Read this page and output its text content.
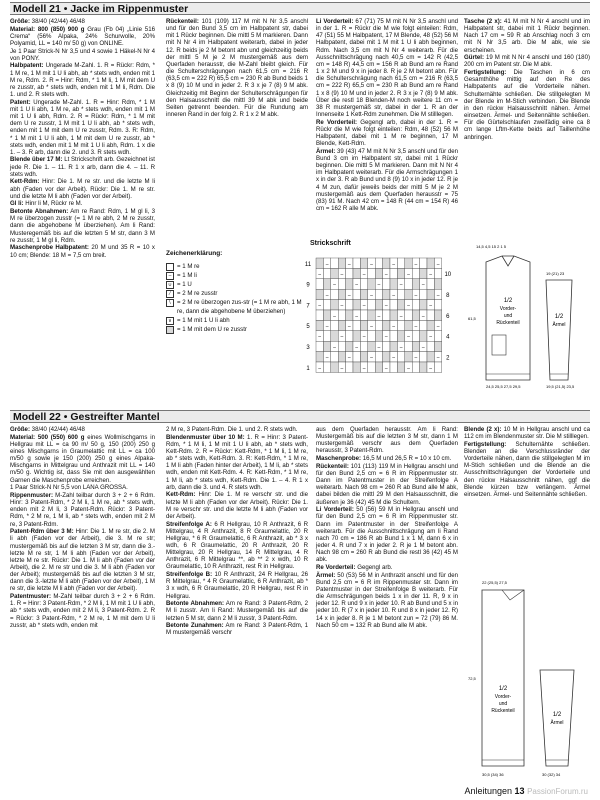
Modell 21 • Jacke im Rippenmuster

Größe: 38/40 (42/44) 46/48

Material: 800 (850) 900 g Grau (Fb 04) „Linie 516 Crema“ (56% Alpaka, 24% Schurwolle, 20% Polyamid, LL = 140 m/ 50 g) von ONLINE.

Je 1 Paar Strick-N Nr 3,5 und 4 sowie 1 Häkel-N Nr 4 von PONY.

Halbpatent: Ungerade M-Zahl. 1. R = Rückr: Rdm, * 1 M re, 1 M mit 1 U li abh, ab * stets wdh, enden mit 1 M re, Rdm. 2. R = Hinr: Rdm, * 1 M li, 1 M mit dem U re zusstr, ab * stets wdh, enden mit 1 M li, Rdm. Die 1. und 2. R stets wdh.

Patent: Ungerade M-Zahl. 1. R = Hinr: Rdm, * 1 M mit 1 U li abh, 1 M re, ab * stets wdh, enden mit 1 M mit 1 U li abh, Rdm. 2. R = Rückr: Rdm, * 1 M mit dem U re zusstr, 1 M mit 1 U li abh, ab * stets wdh, enden mit 1 M mit dem U re zusstr, Rdm. 3. R: Rdm, * 1 M mit 1 U li abh, 1 M mit dem U re zusstr, ab * stets wdh, enden mit 1 M mit 1 U li abh, Rdm. 1 x die 1. – 3. R arb, dann die 2. und 3. R stets wdh.

Blende über 17 M: Lt Strickschrift arb. Gezeichnet ist jede R. Die 1. – 11. R 1 x arb, dann die 4. – 11. R stets wdh.

Kett-Rdm: Hinr: Die 1. M re str. und die letzte M li abh (Faden vor der Arbeit). Rückr: Die 1. M re str. und die letzte M li abh (Faden vor der Arbeit).

Gl li: Hinr li M, Rückr re M.

Betonte Abnahmen: Am re Rand: Rdm, 1 M gl li, 3 M re überzogen zusstr (= 1 M re abh, 2 M re zusstr, dann die abgehobene M überziehen). Am li Rand: Musteregemäß bis auf die letzten 5 M str, dann 3 M re zusstr, 1 M gl li, Rdm.

Maschenprobe Halbpatent: 20 M und 35 R = 10 x 10 cm; Blende: 18 M = 7,5 cm breit.

Rückenteil: 101 (109) 117 M mit N Nr 3,5 anschl und für den Bund 3,5 cm im Halbpatent str, dabei mit 1 Rückr beginnen. Die mittl 5 M markieren. Dann mit N Nr 4 im Halbpatent weiterarb, dabei in jeder 12. R beids je 2 M betont abn und gleichzeitig beids der mittl 5 M je 2 M mustergemäß aus dem Querfaden herausstr, die M-Zahl bleibt gleich. Für die Schulterschrägungen nach 61,5 cm = 216 R (63,5 cm = 222 R) 65,5 cm = 230 R ab Bund beids 1 x 8 (9) 10 M und in jeder 2. R 3 x je 7 (8) 9 M abk. Gleichzeitig mit Beginn der Schulterschrägungen für den Halsausschnitt die mittl 39 M abk und beide Seiten getrennt beenden. Für die Rundung am inneren Rand in der folg 2. R 1 x 2 M abk.

Li Vorderteil: 67 (71) 75 M mit N Nr 3,5 anschl und in der 1. R = Rückr die M wie folgt einteilen: Rdm, 47 (51) 55 M Halbpatent, 17 M Blende, 48 (52) 56 M Halbpatent, dabei mit 1 M mit 1 U li abh beginnen, Rdm. Nach 3,5 cm mit N Nr 4 weiterarb. Für die Ausschnittschrägung nach 40,5 cm = 142 R (42,5 cm = 148 R) 44,5 cm = 156 R ab Bund am re Rand 1 x 2 M und 9 x in jeder 8. R je 2 M betont abn. Für die Schulterschrägung nach 61,5 cm = 216 R (63,5 cm = 222 R) 65,5 cm = 230 R ab Bund am re Rand 1 x 8 (9) 10 M und in jeder 2. R 3 x je 7 (8) 9 M abk. Über die restl 18 Blenden-M noch weitere 11 cm = 38 R mustergemäß str, dabei in der 1. R an der Innenseite 1 Kett-Rdm zunehmen. Die M stilllegen.

Re Vorderteil: Gegengl arb, dabei in der 1. R = Rückr die M wie folgt einteilen: Rdm, 48 (52) 56 M Halbpatent, dabei mit 1 M re beginnen, 17 M Blende, Kett-Rdm.

Ärmel: 39 (43) 47 M mit N Nr 3,5 anschl und für den Bund 3 cm im Halbpatent str, dabei mit 1 Rückr beginnen. Die mittl 5 M markieren. Dann mit N Nr 4 im Halbpatent weiterarb. Für die Armschrägungen 1 x in der 3. R ab Bund und 8 (9) 10 x in jeder 12. R je 4 M zun, dafür jeweils beids der mittl 5 M je 2 M mustergemäß aus dem Querfaden herausstr = 75 (83) 91 M. Nach 42 cm = 148 R (44 cm = 154 R) 46 cm = 162 R alle M abk.

Tasche (2 x): 41 M mit N Nr 4 anschl und im Halbpatent str, dabei mit 1 Rückr beginnen. Nach 17 cm = 59 R ab Anschlag noch 3 cm mit N Nr 3,5 arb. Die M abk, wie sie erscheinen.

Gürtel: 19 M mit N Nr 4 anschl und 160 (180) 200 cm im Patent str. Die M abk.

Fertigstellung: Die Taschen in 6 cm Gesamthöhe mittig auf den Re des Halbpatents auf die Vorderteile nähen. Schulternähte schließen. Die stillgelegten M der Blende im M-Stich verbinden. Die Blende in den rückw Halsausschnitt nähen. Ärmel einsetzen. Ärmel- und Seitennähte schließen. Für die Gürtelschlaufen zweifädig eine ca 8 cm lange Lftm-Kette beids auf Taillenhöhe anbringen.

Zeichenerklärung:
= 1 M re
– = 1 M li
∪ = 1 U
⁄	= 2 M re zusstr
\	= 2 M re überzogen zus-str (= 1 M re abh, 1 M re, dann die abgehobene M überziehen)
∨ = 1 M mit 1 U li abh
= 1 M mit dem U re zusstr
Strickschrift
–	–	–	–	–	–
–	–	–	–	–	–
–	–	–	–	–
–	–	–	–	–	–
–	–	–	–	–	–
–	–	–	–	–
–	–	–	–	–	–
–	–	–	–	–	–
–	–	–	–	–
–	–	–	–	–	–
–	–	–	–	–	–
11
9
7
5
3
1
10
8
6
4
2
1/2
Vorder-
und
Rückenteil
1/2
Ärmel
14,5 4,5 15 2 1 5
61,5
24,5 25,5 27,5 29,5
19 (21) 23
19,5 (21,5) 23,5
Modell 22 • Gestreifter Mantel

Größe: 38/40 (42/44) 46/48

Material: 500 (550) 600 g eines Wollmischgarns in Hellgrau mit LL = ca 90 m/ 50 g, 150 (200) 250 g eines Mischgarns in Graumelattic mit LL = ca 100 m/50 g sowie je 150 (200) 250 g eines Alpaka-Mischgarns in Mittelgrau und Anthrazit mit LL = 140 m/50 g. Wichtig ist, dass Sie mit den ausgewählten Garnen die Maschenprobe erreichen.

1 Paar Strick-N Nr 5,5 von LANA GROSSA.

Rippenmuster: M-Zahl teilbar durch 3 + 2 + 6 Rdm. Hinr: 3 Patent-Rdm, * 2 M li, 1 M re, ab * stets wdh, enden mit 2 M li, 3 Patent-Rdm. Rückr: 3 Patent-Rdm, * 2 M re, 1 M li, ab * stets wdh, enden mit 2 M re, 3 Patent-Rdm.

Patent-Rdm über 3 M: Hinr: Die 1. M re str, die 2. M li abh (Faden vor der Arbeit), die 3. M re str; mustergemäß bis auf die letzten 3 M str, dann die 3.-letzte M re str, 1 M li abh (Faden vor der Arbeit), letzte M re str. Rückr: Die 1. M li abh (Faden vor der Arbeit), die 2. M re str und die 3. M li abh (Faden vor der Arbeit); mustergemäß bis auf die letzten 3 M str, dann die 3.-letzte M li abh (Faden vor der Arbeit), 1 M re str, die letzte M li abh (Faden vor der Arbeit).

Patentmuster: M-Zahl teilbar durch 3 + 2 + 6 Rdm. 1. R = Hinr: 3 Patent-Rdm, * 2 M li, 1 M mit 1 U li abh, ab * stets wdh, enden mit 2 M li, 3 Patent-Rdm. 2. R = Rückr: 3 Patent-Rdm, * 2 M re, 1 M mit dem U li zusstr, ab * stets wdh, enden mit

2 M re, 3 Patent-Rdm. Die 1. und 2. R stets wdh.

Blendenmuster über 10 M: 1. R = Hinr: 3 Patent-Rdm, * 1 M li, 1 M mit 1 U li abh, ab * stets wdh, Kett-Rdm. 2. R = Rückr: Kett-Rdm, * 1 M li, 1 M re, ab * stets wdh, Kett-Rdm. 3. R: Kett-Rdm, * 1 M re, 1 M li abh (Faden hinter der Arbeit), 1 M li, ab * stets wdh, enden mit Kett-Rdm. 4. R: Kett-Rdm, * 1 M re, 1 M li, ab * stets wdh, Kett-Rdm. Die 1. – 4. R 1 x arb, dann die 3. und 4. R stets wdh.

Kett-Rdm: Hinr: Die 1. M re verschr str. und die letzte M li abh (Faden vor der Arbeit). Rückr: Die 1. M re verschr str. und die letzte M li abh (Faden vor der Arbeit).

Streifenfolge A: 6 R Hellgrau, 10 R Anthrazit, 6 R Mittelgrau, 4 R Anthrazit, 8 R Graumelattic, 20 R Hellgrau, * 6 R Graumelattic, 6 R Anthrazit, ab * 3 x wdh, 6 R Graumelattic, 20 R Anthrazit, 20 R Mittelgrau, 20 R Hellgrau, 14 R Mittelgrau, 4 R Anthrazit, 6 R Mittelgrau **, ab ** 2 x wdh, 10 R Graumelattic, 10 R Anthrazit, rest R in Hellgrau.

Streifenfolge B: 10 R Anthrazit, 24 R Hellgrau, 26 R Mittelgrau, * 4 R Graumelattic, 6 R Anthrazit, ab * 3 x wdh, 6 R Graumelattic, 20 R Hellgrau, rest R in Hellgrau.

Betonte Abnahmen: Am re Rand: 3 Patent-Rdm, 2 M li zusstr. Am li Rand: Mustergemäß bis auf die letzten 5 M str, dann 2 M li zusstr, 3 Patent-Rdm.

Betonte Zunahmen: Am re Rand: 3 Patent-Rdm, 1 M mustergemäß verschr

aus dem Querfaden herausstr. Am li Rand: Mustergemäß bis auf die letzten 3 M str, dann 1 M mustergemäß verschr aus dem Querfaden herausstr, 3 Patent-Rdm.

Maschenprobe: 16,5 M und 26,5 R = 10 x 10 cm.

Rückenteil: 101 (113) 119 M in Hellgrau anschl und für den Bund 2,5 cm = 6 R im Rippenmuster str. Dann im Patentmuster in der Streifenfolge A weiterarb. Nach 98 cm = 260 R ab Bund alle M abk, dabei bilden die mittl 29 M den Halsausschnitt, die äußeren je 36 (42) 45 M die Schultern.

Li Vorderteil: 50 (56) 59 M in Hellgrau anschl und für den Bund 2,5 cm = 6 R im Rippenmuster str. Dann im Patentmuster in der Streifenfolge A weiterarb. Für die Ausschnittschrägung am li Rand nach 70 cm = 186 R ab Bund 1 x 1 M, dann 6 x in jeder 4. R und 7 x in jeder 2. R je 1 M betont abn. Nach 98 cm = 260 R ab Bund die restl 36 (42) 45 M abk.

Re Vorderteil: Gegengl arb.

Ärmel: 50 (53) 56 M in Anthrazit anschl und für den Bund 2,5 cm = 6 R im Rippenmuster str. Dann im Patentmuster in der Streifenfolge B weiterarb. Für die Armschrägungen beids 1 x in der 11. R, 9 x in jeder 12. R und 9 x in jeder 10. R ab Bund und 5 x in jeder 10. R (7 x in jeder 10. R und 8 x in jeder 12. R) 14 x in jeder 8. R je 1 M betont zun = 72 (79) 86 M. Nach 50 cm = 132 R ab Bund alle M abk.

Blende (2 x): 10 M in Hellgrau anschl und ca 112 cm im Blendenmuster str. Die M stilllegen.

Fertigstellung: Schulternähte schließen. Blenden an die Verschlussränder der Vorderteile nähen, dann die stillgelegten M im M-Stich schließen und die Blende an die Ausschnittschrägungen der Vorderteile und den rückw Halsausschnitt nähen, ggf die Blende kürzen bzw verlängern. Ärmel einsetzen. Ärmel- und Seitennähte schließen.

1/2
Vorder-
und
Rückenteil
1/2
Ärmel
22 (25,5) 27,5
72,5
30,5 (34) 36	30 (32) 34
Anleitungen 13 PassionForum.ru
